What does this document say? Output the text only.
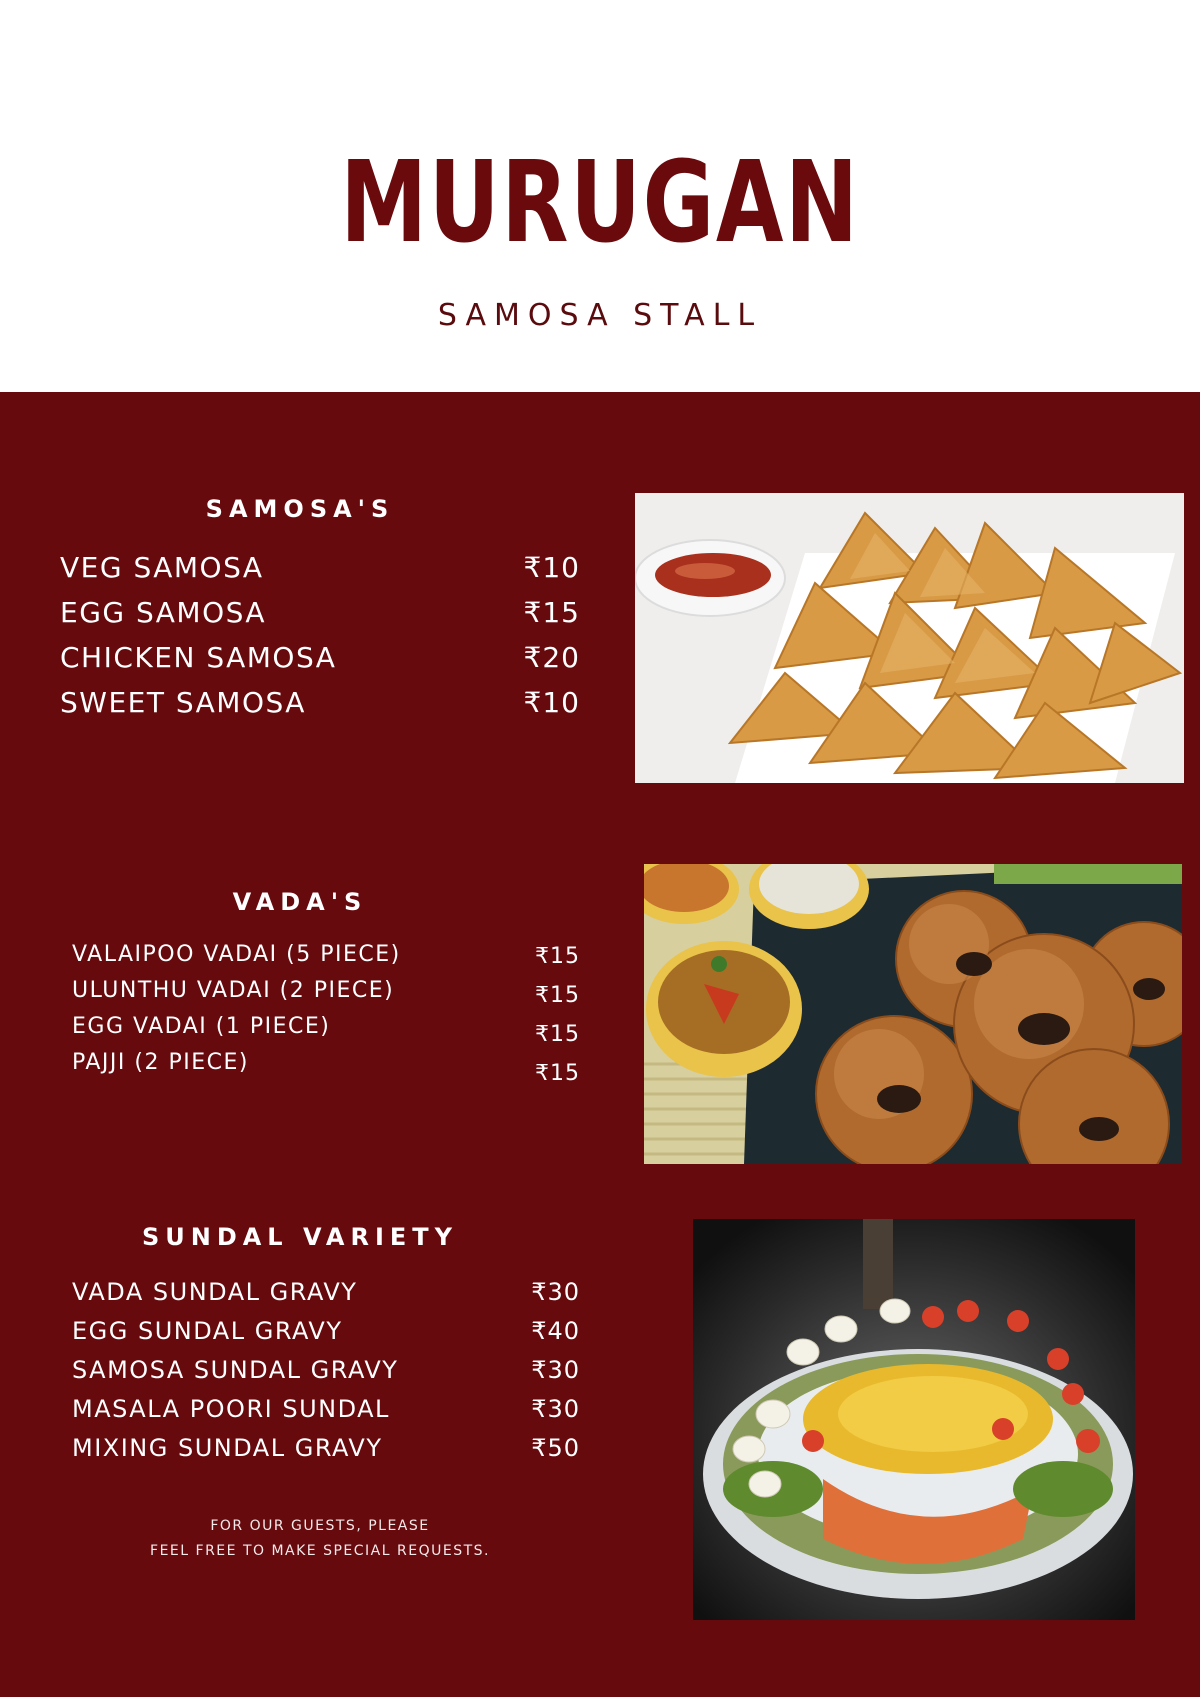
MURUGAN

SAMOSA STALL

SAMOSA'S
VEG SAMOSA	₹10
EGG SAMOSA	₹15
CHICKEN SAMOSA	₹20
SWEET SAMOSA	₹10
VADA'S
VALAIPOO VADAI (5 PIECE)	₹15
ULUNTHU VADAI (2 PIECE)	₹15
EGG VADAI (1 PIECE)	₹15
PAJJI (2 PIECE)	₹15
SUNDAL VARIETY
VADA SUNDAL GRAVY	₹30
EGG SUNDAL GRAVY	₹40
SAMOSA SUNDAL GRAVY	₹30
MASALA POORI SUNDAL	₹30
MIXING SUNDAL GRAVY	₹50
FOR OUR GUESTS, PLEASE
FEEL FREE TO MAKE SPECIAL REQUESTS.
